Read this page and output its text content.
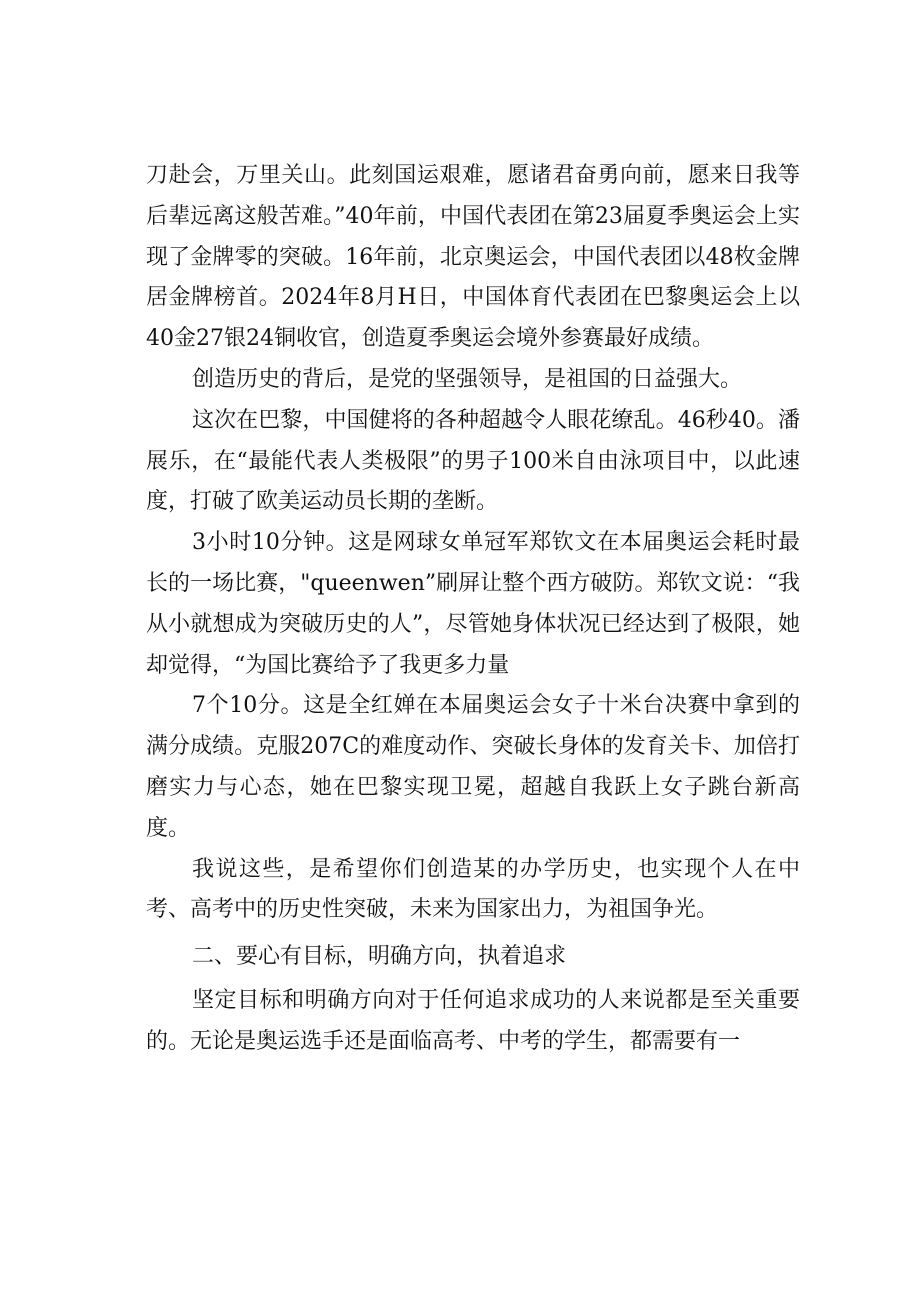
刀赴会，万里关山。此刻国运艰难，愿诸君奋勇向前，愿来日我等后辈远离这般苦难。”40年前，中国代表团在第23届夏季奥运会上实现了金牌零的突破。16年前，北京奥运会，中国代表团以48枚金牌居金牌榜首。2024年8月H日，中国体育代表团在巴黎奥运会上以40金27银24铜收官，创造夏季奥运会境外参赛最好成绩。

创造历史的背后，是党的坚强领导，是祖国的日益强大。

这次在巴黎，中国健将的各种超越令人眼花缭乱。46秒40。潘展乐，在“最能代表人类极限”的男子100米自由泳项目中，以此速度，打破了欧美运动员长期的垄断。

3小时10分钟。这是网球女单冠军郑钦文在本届奥运会耗时最长的一场比赛，"queenwen”刷屏让整个西方破防。郑钦文说：“我从小就想成为突破历史的人”，尽管她身体状况已经达到了极限，她却觉得，“为国比赛给予了我更多力量

7个10分。这是全红婵在本届奥运会女子十米台决赛中拿到的满分成绩。克服207C的难度动作、突破长身体的发育关卡、加倍打磨实力与心态，她在巴黎实现卫冕，超越自我跃上女子跳台新高度。

我说这些，是希望你们创造某的办学历史，也实现个人在中考、高考中的历史性突破，未来为国家出力，为祖国争光。

二、要心有目标，明确方向，执着追求

坚定目标和明确方向对于任何追求成功的人来说都是至关重要的。无论是奥运选手还是面临高考、中考的学生，都需要有一
